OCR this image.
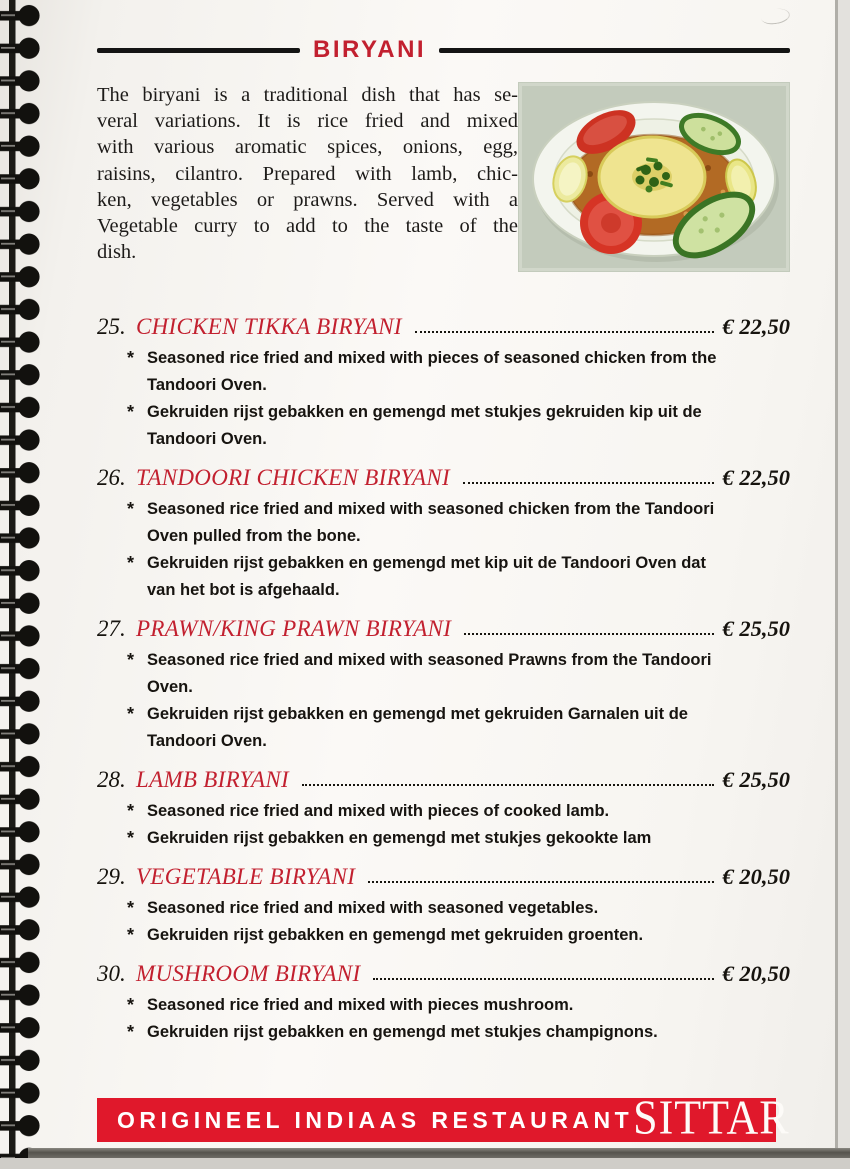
BIRYANI
The biryani is a traditional dish that has se-
veral variations. It is rice fried and mixed
with various aromatic spices, onions, egg,
raisins, cilantro. Prepared with lamb, chic-
ken, vegetables or prawns. Served with a
Vegetable curry to add to the taste of the
dish.
25. CHICKEN TIKKA BIRYANI	€ 22,50
* Seasoned rice fried and mixed with pieces of seasoned chicken from the Tandoori Oven.
* Gekruiden rijst gebakken en gemengd met stukjes gekruiden kip uit de Tandoori Oven.
26. TANDOORI CHICKEN BIRYANI	€ 22,50
* Seasoned rice fried and mixed with seasoned chicken from the Tandoori Oven pulled from the bone.
* Gekruiden rijst gebakken en gemengd met kip uit de Tandoori Oven dat van het bot is afgehaald.
27. PRAWN/KING PRAWN BIRYANI	€ 25,50
* Seasoned rice fried and mixed with seasoned Prawns from the Tandoori Oven.
* Gekruiden rijst gebakken en gemengd met gekruiden Garnalen uit de Tandoori Oven.
28. LAMB BIRYANI	€ 25,50
* Seasoned rice fried and mixed with pieces of cooked lamb.
* Gekruiden rijst gebakken en gemengd met stukjes gekookte lam
29. VEGETABLE BIRYANI	€ 20,50
* Seasoned rice fried and mixed with seasoned vegetables.
* Gekruiden rijst gebakken en gemengd met gekruiden groenten.
30. MUSHROOM BIRYANI	€ 20,50
* Seasoned rice fried and mixed with pieces mushroom.
* Gekruiden rijst gebakken en gemengd met stukjes champignons.
ORIGINEEL INDIAAS RESTAURANT SITTAR
